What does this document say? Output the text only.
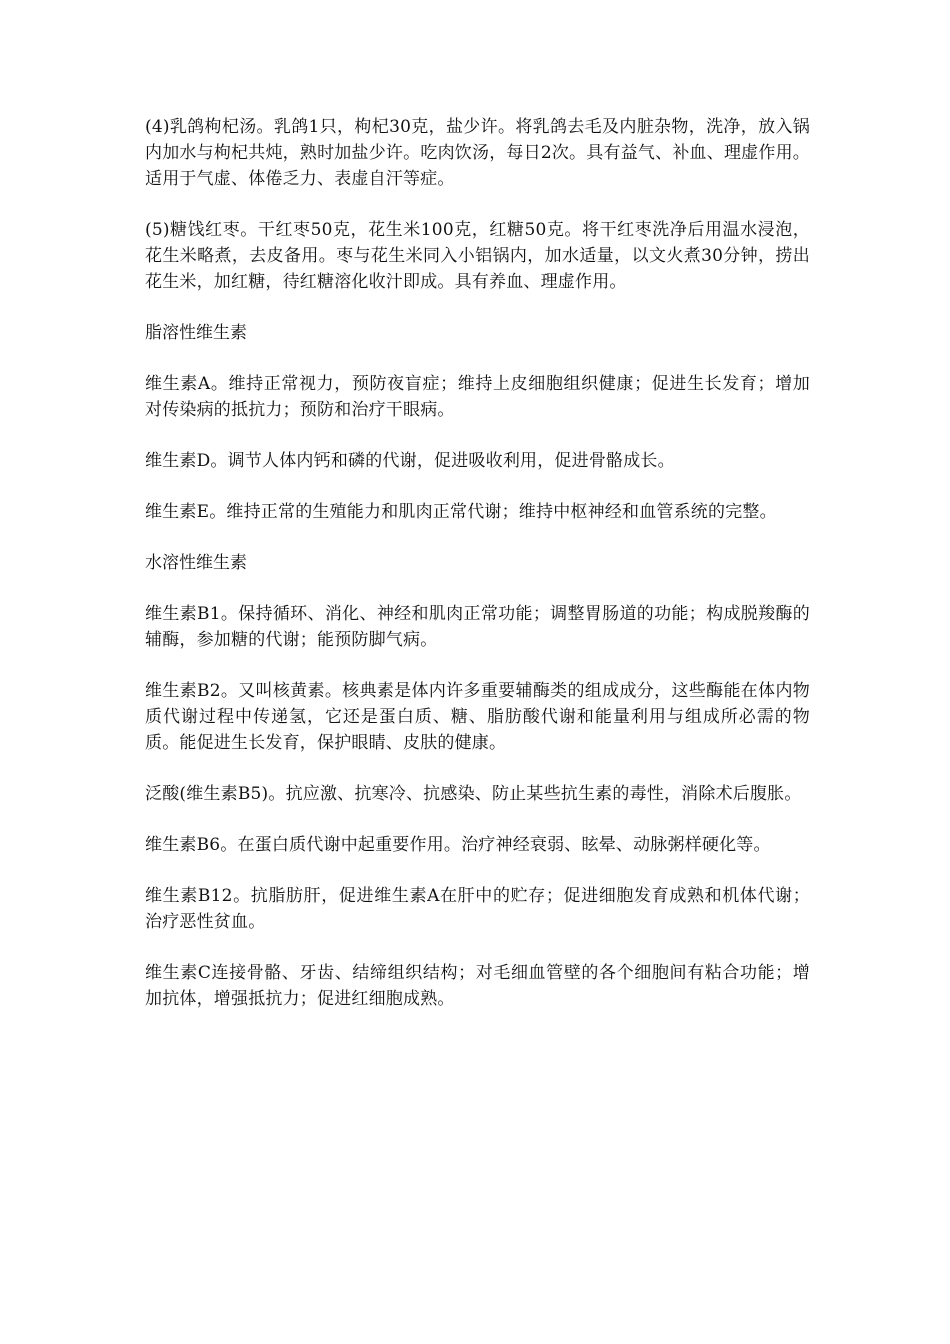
(4)乳鸽枸杞汤。乳鸽1只，枸杞30克，盐少许。将乳鸽去毛及内脏杂物，洗净，放入锅内加水与枸杞共炖，熟时加盐少许。吃肉饮汤，每日2次。具有益气、补血、理虚作用。适用于气虚、体倦乏力、表虚自汗等症。

(5)糖饯红枣。干红枣50克，花生米100克，红糖50克。将干红枣洗净后用温水浸泡，花生米略煮，去皮备用。枣与花生米同入小铝锅内，加水适量，以文火煮30分钟，捞出花生米，加红糖，待红糖溶化收汁即成。具有养血、理虚作用。

脂溶性维生素

维生素A。维持正常视力，预防夜盲症；维持上皮细胞组织健康；促进生长发育；增加对传染病的抵抗力；预防和治疗干眼病。

维生素D。调节人体内钙和磷的代谢，促进吸收利用，促进骨骼成长。

维生素E。维持正常的生殖能力和肌肉正常代谢；维持中枢神经和血管系统的完整。

水溶性维生素

维生素B1。保持循环、消化、神经和肌肉正常功能；调整胃肠道的功能；构成脱羧酶的辅酶，参加糖的代谢；能预防脚气病。

维生素B2。又叫核黄素。核典素是体内许多重要辅酶类的组成成分，这些酶能在体内物质代谢过程中传递氢，它还是蛋白质、糖、脂肪酸代谢和能量利用与组成所必需的物质。能促进生长发育，保护眼睛、皮肤的健康。

泛酸(维生素B5)。抗应激、抗寒冷、抗感染、防止某些抗生素的毒性，消除术后腹胀。

维生素B6。在蛋白质代谢中起重要作用。治疗神经衰弱、眩晕、动脉粥样硬化等。

维生素B12。抗脂肪肝，促进维生素A在肝中的贮存；促进细胞发育成熟和机体代谢；治疗恶性贫血。

维生素C连接骨骼、牙齿、结缔组织结构；对毛细血管壁的各个细胞间有粘合功能；增加抗体，增强抵抗力；促进红细胞成熟。
